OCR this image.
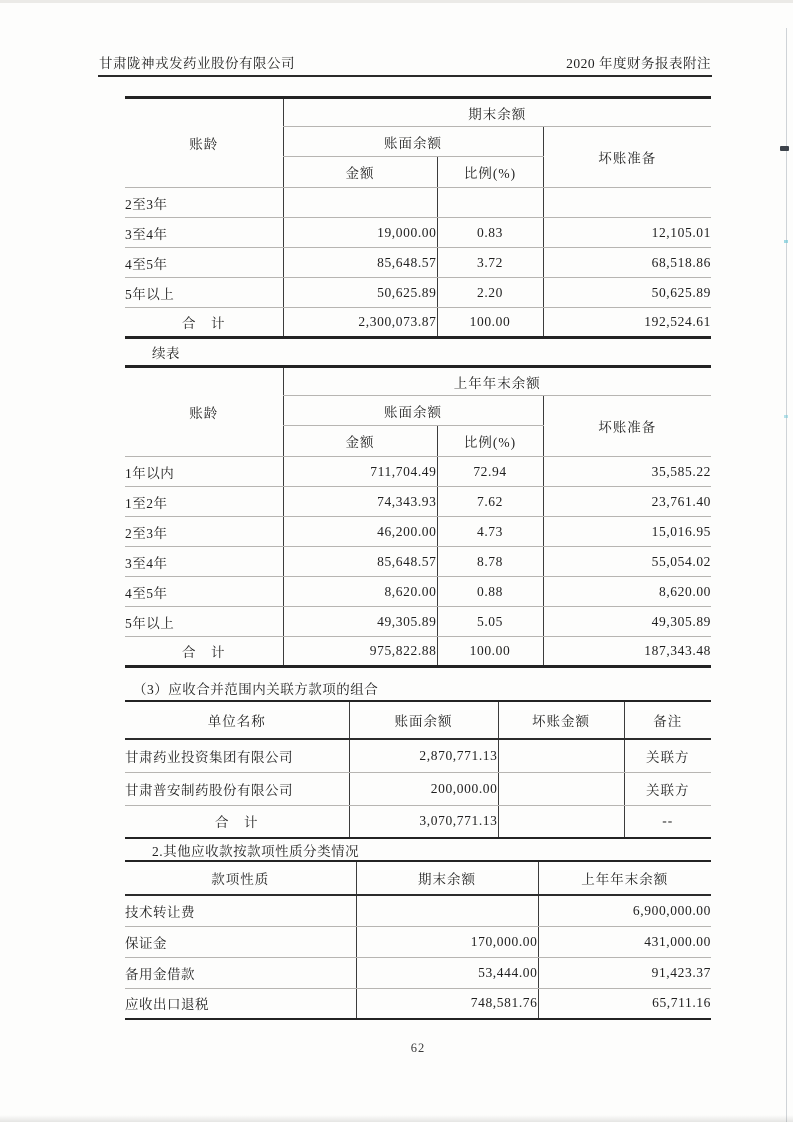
甘肃陇神戎发药业股份有限公司	2020 年度财务报表附注
账龄	期末余额		
	账面余额		坏账准备
	金额	比例(%)	
2至3年			
3至4年	19,000.00	0.83	12,105.01
4至5年	85,648.57	3.72	68,518.86
5年以上	50,625.89	2.20	50,625.89
合　计	2,300,073.87	100.00	192,524.61
续表
账龄	上年年末余额		
	账面余额		坏账准备
	金额	比例(%)	
1年以内	711,704.49	72.94	35,585.22
1至2年	74,343.93	7.62	23,761.40
2至3年	46,200.00	4.73	15,016.95
3至4年	85,648.57	8.78	55,054.02
4至5年	8,620.00	0.88	8,620.00
5年以上	49,305.89	5.05	49,305.89
合　计	975,822.88	100.00	187,343.48
（3）应收合并范围内关联方款项的组合
单位名称	账面余额	坏账金额	备注
甘肃药业投资集团有限公司	2,870,771.13		关联方
甘肃普安制药股份有限公司	200,000.00		关联方
合　计	3,070,771.13		--
2.其他应收款按款项性质分类情况
款项性质	期末余额	上年年末余额
技术转让费		6,900,000.00
保证金	170,000.00	431,000.00
备用金借款	53,444.00	91,423.37
应收出口退税	748,581.76	65,711.16
62
